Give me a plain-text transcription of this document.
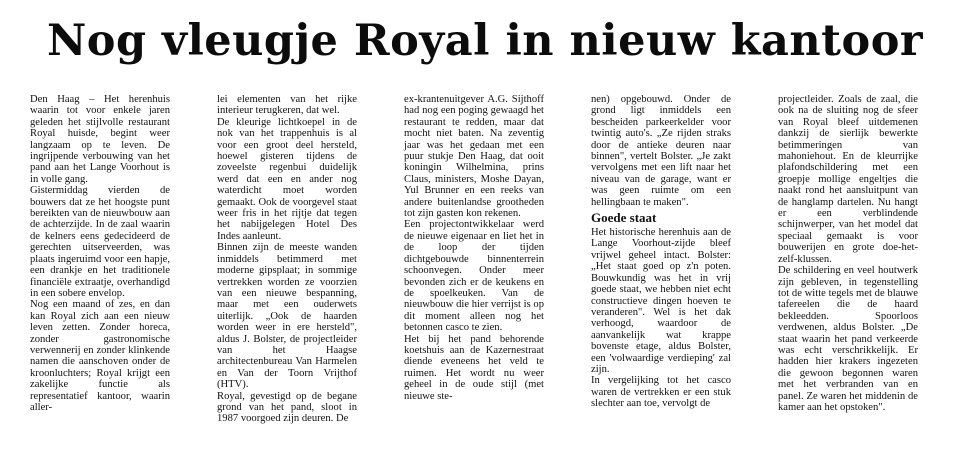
Nog vleugje Royal in nieuw kantoor

Den Haag – Het herenhuis waarin tot voor enkele jaren geleden het stijlvolle restaurant Royal huisde, begint weer langzaam op te leven. De ingrijpende verbouwing van het pand aan het Lange Voorhout is in volle gang.

Gistermiddag vierden de bouwers dat ze het hoogste punt bereikten van de nieuwbouw aan de achterzijde. In de zaal waarin de kelners eens gedecideerd de gerechten uitserveerden, was plaats ingeruimd voor een hapje, een drankje en het traditionele financiële extraatje, overhandigd in een sobere envelop.

Nog een maand of zes, en dan kan Royal zich aan een nieuw leven zetten. Zonder horeca, zonder gastronomische verwennerij en zonder klinkende namen die aanschoven onder de kroonluchters; Royal krijgt een zakelijke functie als representatief kantoor, waarin aller-

lei elementen van het rijke interieur terugkeren, dat wel.

De kleurige lichtkoepel in de nok van het trappenhuis is al voor een groot deel hersteld, hoewel gisteren tijdens de zoveelste regenbui duidelijk werd dat een en ander nog waterdicht moet worden gemaakt. Ook de voorgevel staat weer fris in het rijtje dat tegen het nabijgelegen Hotel Des Indes aanleunt.

Binnen zijn de meeste wanden inmiddels betimmerd met moderne gipsplaat; in sommige vertrekken worden ze voorzien van een nieuwe bespanning, maar met een ouderwets uiterlijk. „Ook de haarden worden weer in ere hersteld", aldus J. Bolster, de projectleider van het Haagse architectenbureau Van Harmelen en Van der Toorn Vrijthof (HTV).

Royal, gevestigd op de begane grond van het pand, sloot in 1987 voorgoed zijn deuren. De

ex-krantenuitgever A.G. Sijthoff had nog een poging gewaagd het restaurant te redden, maar dat mocht niet baten. Na zeventig jaar was het gedaan met een puur stukje Den Haag, dat ooit koningin Wilhelmina, prins Claus, ministers, Moshe Dayan, Yul Brunner en een reeks van andere buitenlandse grootheden tot zijn gasten kon rekenen.

Een projectontwikkelaar werd de nieuwe eigenaar en liet het in de loop der tijden dichtgebouwde binnenterrein schoonvegen. Onder meer bevonden zich er de keukens en de spoelkeuken. Van de nieuwbouw die hier verrijst is op dit moment alleen nog het betonnen casco te zien.

Het bij het pand behorende koetshuis aan de Kazernestraat diende eveneens het veld te ruimen. Het wordt nu weer geheel in de oude stijl (met nieuwe ste-

nen) opgebouwd. Onder de grond ligt inmiddels een bescheiden parkeerkelder voor twintig auto's. „Ze rijden straks door de antieke deuren naar binnen", vertelt Bolster. „Je zakt vervolgens met een lift naar het niveau van de garage, want er was geen ruimte om een hellingbaan te maken".

Goede staat

Het historische herenhuis aan de Lange Voorhout-zijde bleef vrijwel geheel intact. Bolster: „Het staat goed op z'n poten. Bouwkundig was het in vrij goede staat, we hebben niet echt constructieve dingen hoeven te veranderen". Wel is het dak verhoogd, waardoor de aanvankelijk wat krappe bovenste etage, aldus Bolster, een 'volwaardige verdieping' zal zijn.

In vergelijking tot het casco waren de vertrekken er een stuk slechter aan toe, vervolgt de

projectleider. Zoals de zaal, die ook na de sluiting nog de sfeer van Royal bleef uitdemenen dankzij de sierlijk bewerkte betimmeringen van mahoniehout. En de kleurrijke plafondschildering met een groepje mollige engeltjes die naakt rond het aansluitpunt van de hanglamp dartelen. Nu hangt er een verblindende schijnwerper, van het model dat speciaal gemaakt is voor bouwerijen en grote doe-het-zelf-klussen.

De schildering en veel houtwerk zijn gebleven, in tegenstelling tot de witte tegels met de blauwe tafereelen die de haard bekleedden. Spoorloos verdwenen, aldus Bolster. „De staat waarin het pand verkeerde was echt verschrikkelijk. Er hadden hier krakers ingezeten die gewoon begonnen waren met het verbranden van en panel. Ze waren het middenin de kamer aan het opstoken".
